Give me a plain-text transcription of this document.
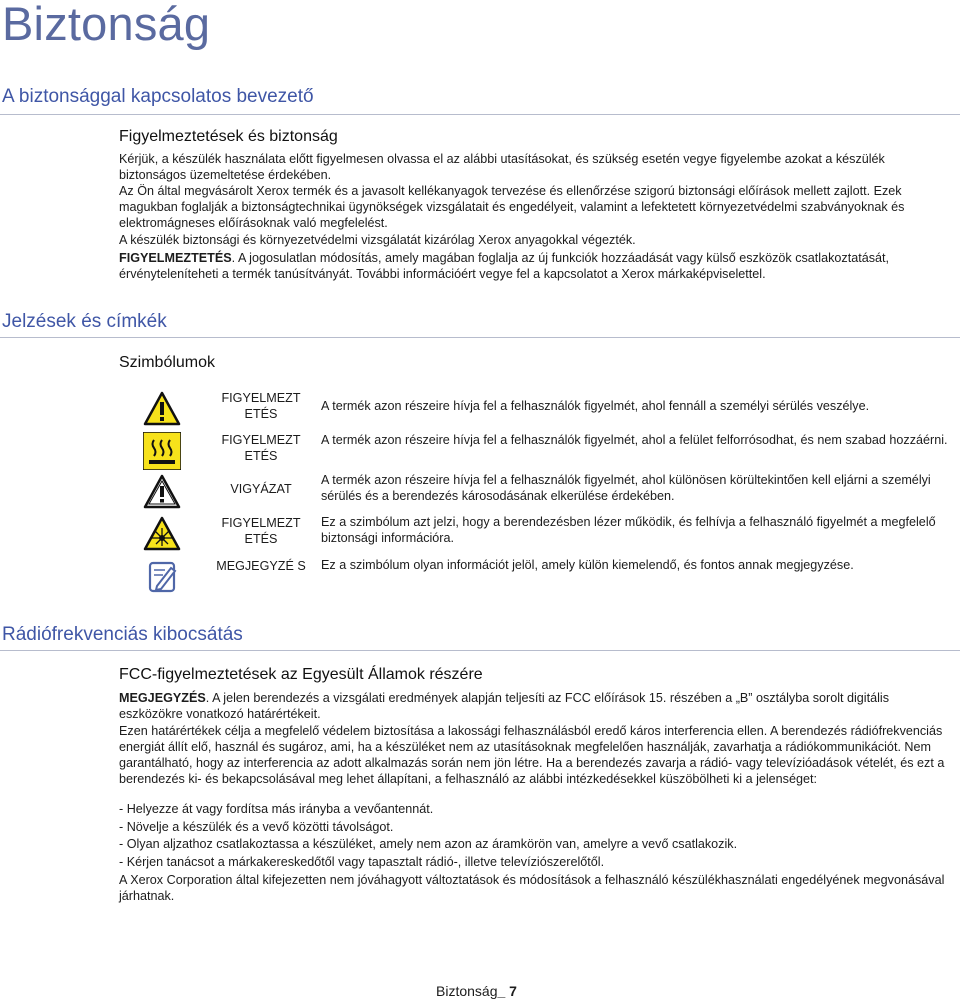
Biztonság
A biztonsággal kapcsolatos bevezető
Figyelmeztetések és biztonság

Kérjük, a készülék használata előtt figyelmesen olvassa el az alábbi utasításokat, és szükség esetén vegye figyelembe azokat a készülék biztonságos üzemeltetése érdekében.

Az Ön által megvásárolt Xerox termék és a javasolt kellékanyagok tervezése és ellenőrzése szigorú biztonsági előírások mellett zajlott. Ezek magukban foglalják a biztonságtechnikai ügynökségek vizsgálatait és engedélyeit, valamint a lefektetett környezetvédelmi szabványoknak és elektromágneses előírásoknak való megfelelést.

A készülék biztonsági és környezetvédelmi vizsgálatát kizárólag Xerox anyagokkal végezték.

FIGYELMEZTETÉS. A jogosulatlan módosítás, amely magában foglalja az új funkciók hozzáadását vagy külső eszközök csatlakoztatását, érvényteleníteheti a termék tanúsítványát. További információért vegye fel a kapcsolatot a Xerox márkaképviselettel.

Jelzések és címkék
Szimbólumok
FIGYELMEZT ETÉS
A termék azon részeire hívja fel a felhasználók figyelmét, ahol fennáll a személyi sérülés veszélye.
FIGYELMEZT ETÉS
A termék azon részeire hívja fel a felhasználók figyelmét, ahol a felület felforrósodhat, és nem szabad hozzáérni.
VIGYÁZAT
A termék azon részeire hívja fel a felhasználók figyelmét, ahol különösen körültekintően kell eljárni a személyi sérülés és a berendezés károsodásának elkerülése érdekében.
FIGYELMEZT ETÉS
Ez a szimbólum azt jelzi, hogy a berendezésben lézer működik, és felhívja a felhasználó figyelmét a megfelelő biztonsági információra.
MEGJEGYZÉ S Ez a szimbólum olyan információt jelöl, amely külön kiemelendő, és fontos annak megjegyzése.
Rádiófrekvenciás kibocsátás
FCC-figyelmeztetések az Egyesült Államok részére

MEGJEGYZÉS. A jelen berendezés a vizsgálati eredmények alapján teljesíti az FCC előírások 15. részében a „B” osztályba sorolt digitális eszközökre vonatkozó határértékeit.

Ezen határértékek célja a megfelelő védelem biztosítása a lakossági felhasználásból eredő káros interferencia ellen. A berendezés rádiófrekvenciás energiát állít elő, használ és sugároz, ami, ha a készüléket nem az utasításoknak megfelelően használják, zavarhatja a rádiókommunikációt. Nem garantálható, hogy az interferencia az adott alkalmazás során nem jön létre. Ha a berendezés zavarja a rádió- vagy televízióadások vételét, és ezt a berendezés ki- és bekapcsolásával meg lehet állapítani, a felhasználó az alábbi intézkedésekkel küszöbölheti ki a jelenséget:

- Helyezze át vagy fordítsa más irányba a vevőantennát.

- Növelje a készülék és a vevő közötti távolságot.

- Olyan aljzathoz csatlakoztassa a készüléket, amely nem azon az áramkörön van, amelyre a vevő csatlakozik.

- Kérjen tanácsot a márkakereskedőtől vagy tapasztalt rádió-, illetve televíziószerelőtől.

A Xerox Corporation által kifejezetten nem jóváhagyott változtatások és módosítások a felhasználó készülékhasználati engedélyének megvonásával járhatnak.

Biztonság_ 7
